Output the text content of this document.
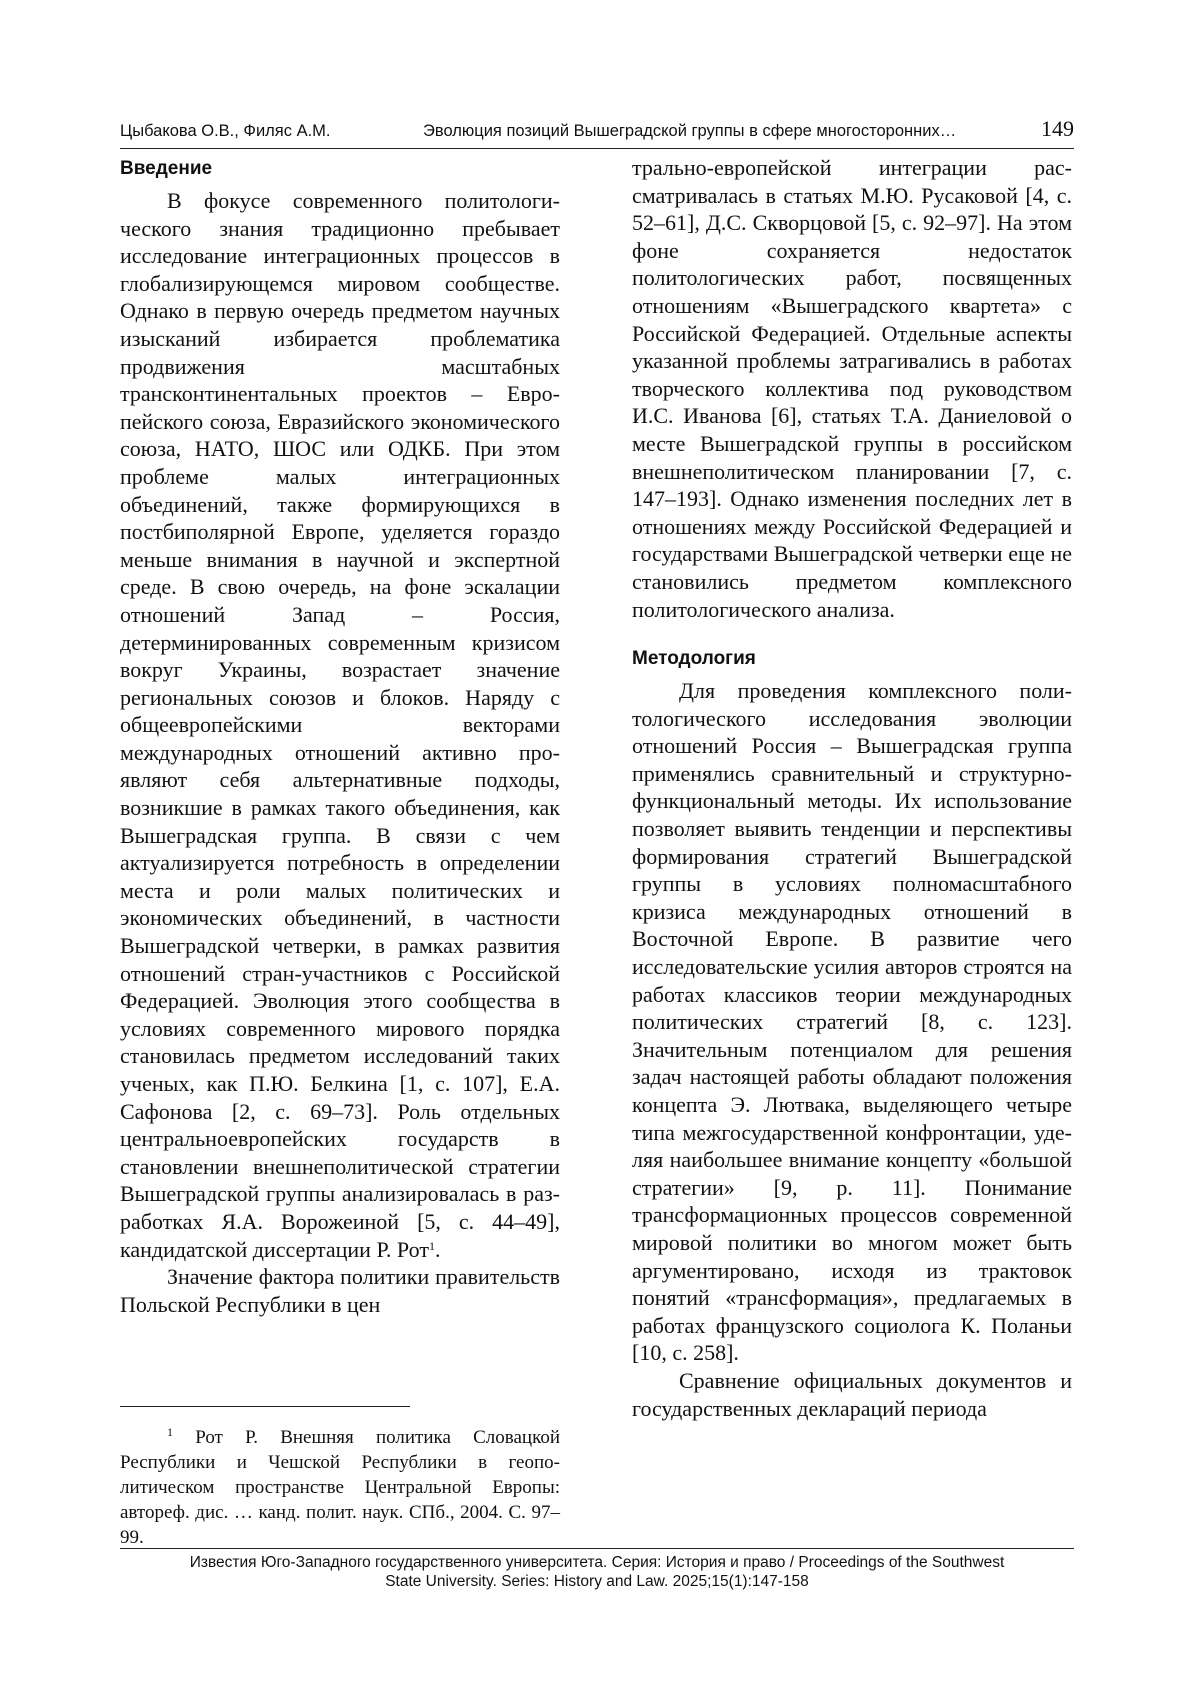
Цыбакова О.В., Филяс А.М.	Эволюция позиций Вышеградской группы в сфере многосторонних…	149
Введение

В фокусе современного политологического знания традиционно пребывает исследование интеграционных процессов в глобализирующемся мировом сообществе. Однако в первую очередь предметом научных изысканий избирается проблематика продвижения масштабных трансконтинентальных проектов – Европейского союза, Евразийского экономического союза, НАТО, ШОС или ОДКБ. При этом проблеме малых интеграционных объединений, также формирующихся в постбиполярной Европе, уделяется гораздо меньше внимания в научной и экспертной среде. В свою очередь, на фоне эскалации отношений Запад – Россия, детерминированных современным кризисом вокруг Украины, возрастает значение региональных союзов и блоков. Наряду с общеевропейскими векторами международных отношений активно проявляют себя альтернативные подходы, возникшие в рамках такого объединения, как Вышеградская группа. В связи с чем актуализируется потребность в определении места и роли малых политических и экономических объединений, в частности Вышеградской четверки, в рамках развития отношений стран-участников с Российской Федерацией. Эволюция этого сообщества в условиях современного мирового порядка становилась предметом исследований таких ученых, как П.Ю. Белкина [1, с. 107], Е.А. Сафонова [2, с. 69–73]. Роль отдельных центральноевропейских государств в становлении внешнеполитической стратегии Вышеградской группы анализировалась в разработках Я.А. Ворожеиной [5, с. 44–49], кандидатской диссертации Р. Рот$^1$.

Значение фактора политики правительств Польской Республики в цен

$^1$ Рот Р. Внешняя политика Словацкой Республики и Чешской Республики в геополитическом пространстве Центральной Европы: автореф. дис. … канд. полит. наук. СПб., 2004. С. 97–99.

трально-европейской интеграции рассматривалась в статьях М.Ю. Русаковой [4, с. 52–61], Д.С. Скворцовой [5, с. 92–97]. На этом фоне сохраняется недостаток политологических работ, посвященных отношениям «Вышеградского квартета» с Российской Федерацией. Отдельные аспекты указанной проблемы затрагивались в работах творческого коллектива под руководством И.С. Иванова [6], статьях Т.А. Даниеловой о месте Вышеградской группы в российском внешнеполитическом планировании [7, с. 147–193]. Однако изменения последних лет в отношениях между Российской Федерацией и государствами Вышеградской четверки еще не становились предметом комплексного политологического анализа.

Методология

Для проведения комплексного политологического исследования эволюции отношений Россия – Вышеградская группа применялись сравнительный и структурно-функциональный методы. Их использование позволяет выявить тенденции и перспективы формирования стратегий Вышеградской группы в условиях полномасштабного кризиса международных отношений в Восточной Европе. В развитие чего исследовательские усилия авторов строятся на работах классиков теории международных политических стратегий [8, с. 123]. Значительным потенциалом для решения задач настоящей работы обладают положения концепта Э. Лютвака, выделяющего четыре типа межгосударственной конфронтации, уделяя наибольшее внимание концепту «большой стратегии» [9, p. 11]. Понимание трансформационных процессов современной мировой политики во многом может быть аргументировано, исходя из трактовок понятий «трансформация», предлагаемых в работах французского социолога К. Поланьи [10, с. 258].

Сравнение официальных документов и государственных деклараций периода

Известия Юго-Западного государственного университета. Серия: История и право / Proceedings of the Southwest
State University. Series: History and Law. 2025;15(1):147-158
